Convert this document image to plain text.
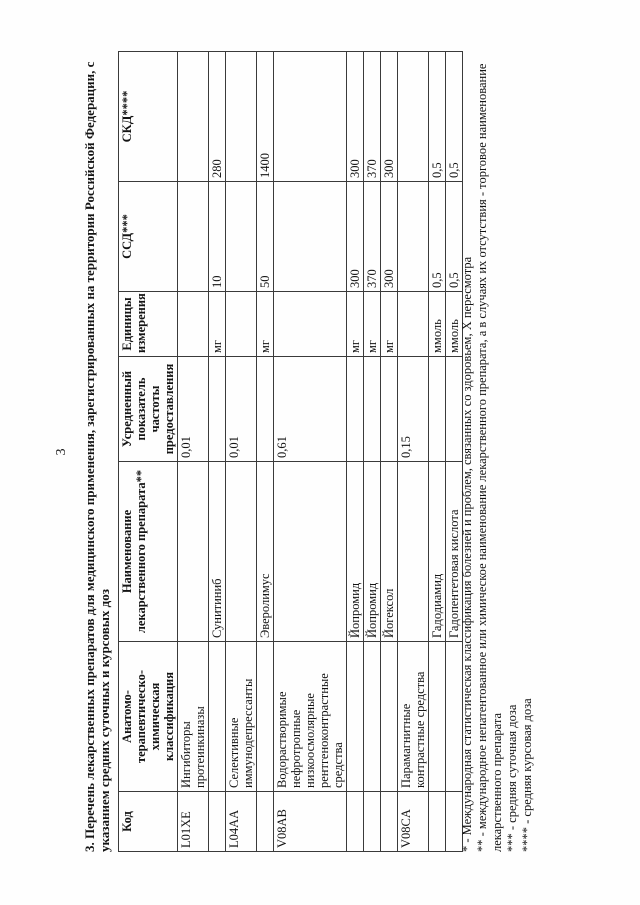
3 3. Перечень лекарственных препаратов для медицинского применения, зарегистрированных на территории Российской Федерации, с указанием средних суточных и курсовых доз Код	Анатомо-терапевтическо-химическая классификация	Наименование лекарственного препарата**	Усредненный показатель частоты предоставления	Единицы измерения	ССД***	СКД****
L01XE	Ингибиторы протеинкиназы		0,01			
		Сунитиниб		мг	10	280
L04AA	Селективные иммунодепрессанты		0,01			
		Эверолимус		мг	50	1400
V08AB	Водорастворимые нефротропные низкоосмолярные рентгеноконтрастные средства		0,61			
		Йопромид		мг	300	300
		Йопромид		мг	370	370
		Йогексол		мг	300	300
V08CA	Парамагнитные контрастные средства		0,15			
		Гадодиамид		ммоль	0,5	0,5
		Гадопентетовая кислота		ммоль	0,5	0,5
* - Международная статистическая классификация болезней и проблем, связанных со здоровьем, X пересмотра ** - международное непатентованное или химическое наименование лекарственного препарата, а в случаях их отсутствия - торговое наименование лекарственного препарата *** - средняя суточная доза **** - средняя курсовая доза
